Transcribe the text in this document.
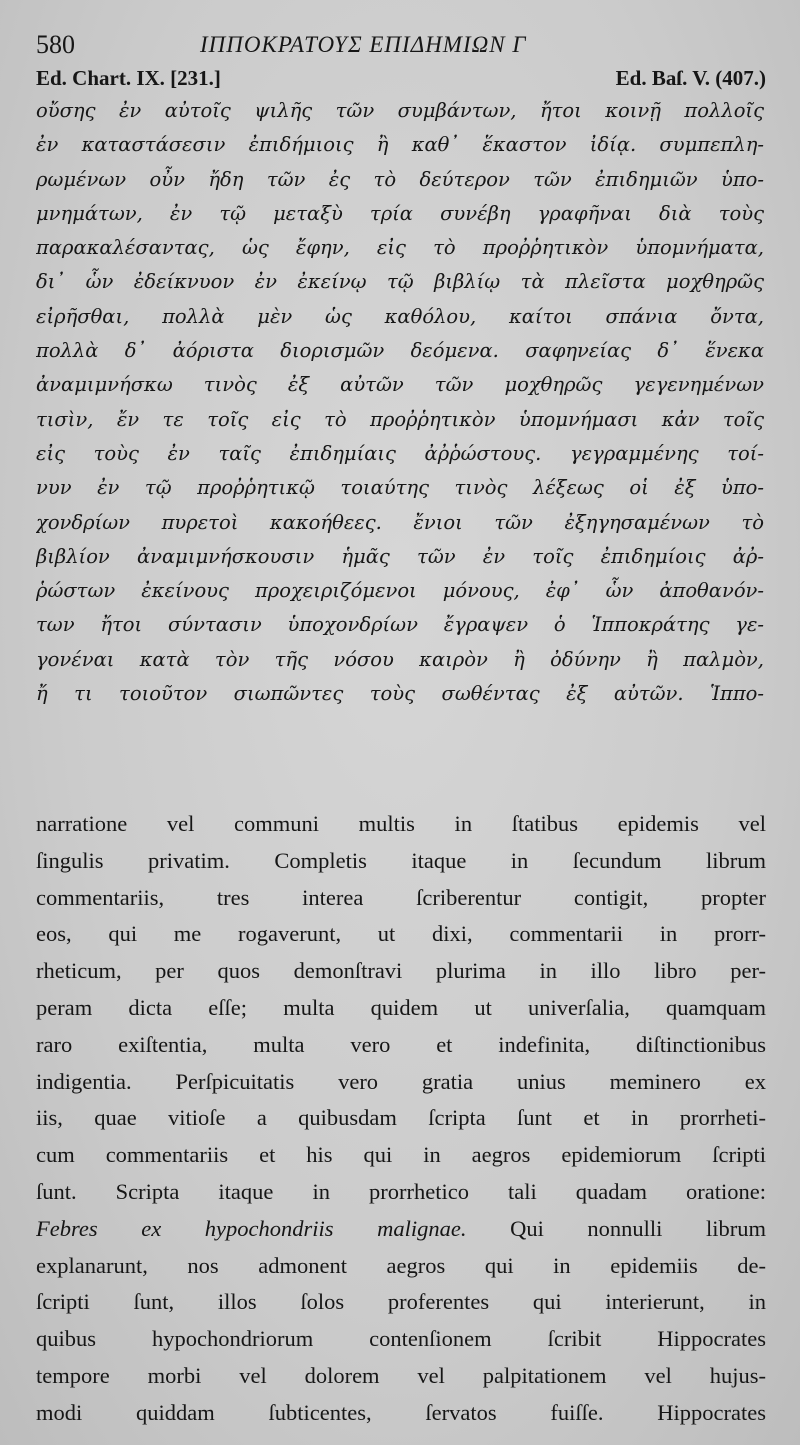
580	ΙΠΠΟΚΡΑΤΟΥΣ ΕΠΙΔΗΜΙΩΝ Γ
Ed. Chart. IX. [231.]	Ed. Baſ. V. (407.)
οὔσης ἐν αὐτοῖς ψιλῆς τῶν συμβάντων, ἤτοι κοινῇ πολλοῖς
ἐν καταστάσεσιν ἐπιδήμιοις ἢ καθ᾽ ἕκαστον ἰδίᾳ. συμπεπλη-
ρωμένων οὖν ἤδη τῶν ἐς τὸ δεύτερον τῶν ἐπιδημιῶν ὑπο-
μνημάτων, ἐν τῷ μεταξὺ τρία συνέβη γραφῆναι διὰ τοὺς
παρακαλέσαντας, ὡς ἔφην, εἰς τὸ προῤῥητικὸν ὑπομνήματα,
δι᾽ ὧν ἐδείκνυον ἐν ἐκείνῳ τῷ βιβλίῳ τὰ πλεῖστα μοχθηρῶς
εἰρῆσθαι, πολλὰ μὲν ὡς καθόλου, καίτοι σπάνια ὄντα,
πολλὰ δ᾽ ἀόριστα διορισμῶν δεόμενα. σαφηνείας δ᾽ ἕνεκα
ἀναμιμνήσκω τινὸς ἐξ αὐτῶν τῶν μοχθηρῶς γεγενημένων
τισὶν, ἔν τε τοῖς εἰς τὸ προῤῥητικὸν ὑπομνήμασι κἀν τοῖς
εἰς τοὺς ἐν ταῖς ἐπιδημίαις ἀῤῥώστους. γεγραμμένης τοί-
νυν ἐν τῷ προῤῥητικῷ τοιαύτης τινὸς λέξεως οἱ ἐξ ὑπο-
χονδρίων πυρετοὶ κακοήθεες. ἔνιοι τῶν ἐξηγησαμένων τὸ
βιβλίον ἀναμιμνήσκουσιν ἡμᾶς τῶν ἐν τοῖς ἐπιδημίοις ἀῤ-
ῥώστων ἐκείνους προχειριζόμενοι μόνους, ἐφ᾽ ὧν ἀποθανόν-
των ἤτοι σύντασιν ὑποχονδρίων ἔγραψεν ὁ Ἱπποκράτης γε-
γονέναι κατὰ τὸν τῆς νόσου καιρὸν ἢ ὀδύνην ἢ παλμὸν,
ἤ τι τοιοῦτον σιωπῶντες τοὺς σωθέντας ἐξ αὐτῶν. Ἱππο-
narratione vel communi multis in ſtatibus epidemis vel
ſingulis privatim. Completis itaque in ſecundum librum
commentariis, tres interea ſcriberentur contigit, propter
eos, qui me rogaverunt, ut dixi, commentarii in prorr-
rheticum, per quos demonſtravi plurima in illo libro per-
peram dicta eſſe; multa quidem ut univerſalia, quamquam
raro exiſtentia, multa vero et indefinita, diſtinctionibus
indigentia. Perſpicuitatis vero gratia unius meminero ex
iis, quae vitioſe a quibusdam ſcripta ſunt et in prorrheti-
cum commentariis et his qui in aegros epidemiorum ſcripti
ſunt. Scripta itaque in prorrhetico tali quadam oratione:
Febres ex hypochondriis malignae. Qui nonnulli librum
explanarunt, nos admonent aegros qui in epidemiis de-
ſcripti ſunt, illos ſolos proferentes qui interierunt, in
quibus hypochondriorum contenſionem ſcribit Hippocrates
tempore morbi vel dolorem vel palpitationem vel hujus-
modi quiddam ſubticentes, ſervatos fuiſſe. Hippocrates
